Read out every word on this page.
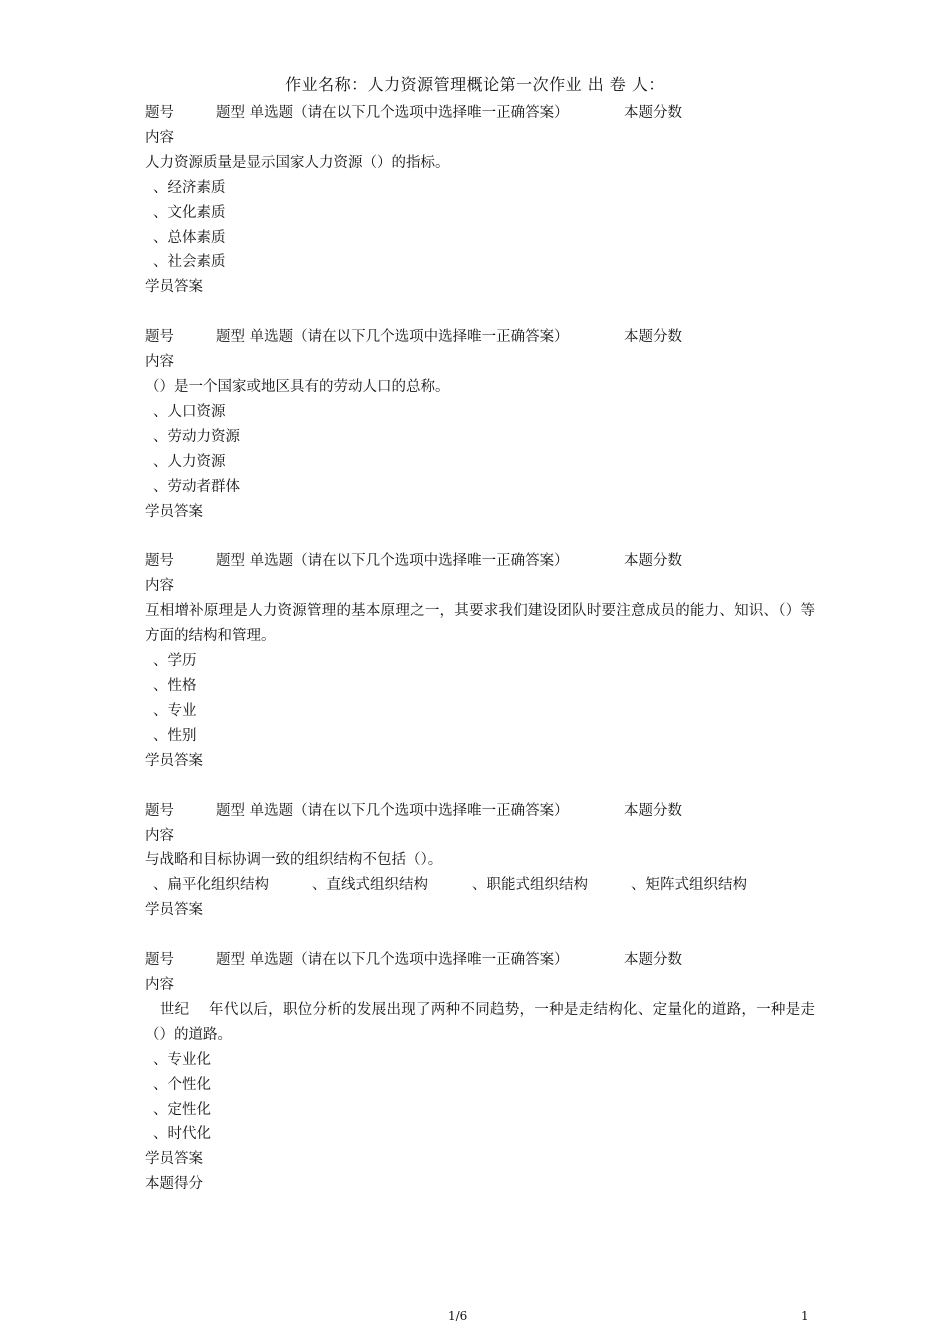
作业名称：人力资源管理概论第一次作业 出 卷 人：
题号	题型 单选题（请在以下几个选项中选择唯一正确答案）	本题分数
内容
人力资源质量是显示国家人力资源（）的指标。
、经济素质
、文化素质
、总体素质
、社会素质
学员答案
题号	题型 单选题（请在以下几个选项中选择唯一正确答案）	本题分数
内容
（）是一个国家或地区具有的劳动人口的总称。
、人口资源
、劳动力资源
、人力资源
、劳动者群体
学员答案
题号	题型 单选题（请在以下几个选项中选择唯一正确答案）	本题分数
内容
互相增补原理是人力资源管理的基本原理之一，其要求我们建设团队时要注意成员的能力、知识、（）等方面的结构和管理。
、学历
、性格
、专业
、性别
学员答案
题号	题型 单选题（请在以下几个选项中选择唯一正确答案）	本题分数
内容
与战略和目标协调一致的组织结构不包括（）。
、扁平化组织结构	、直线式组织结构	、职能式组织结构	、矩阵式组织结构
学员答案
题号	题型 单选题（请在以下几个选项中选择唯一正确答案）	本题分数
内容
　世纪　 年代以后，职位分析的发展出现了两种不同趋势，一种是走结构化、定量化的道路，一种是走（）的道路。
、专业化
、个性化
、定性化
、时代化
学员答案
本题得分
1/6	1
